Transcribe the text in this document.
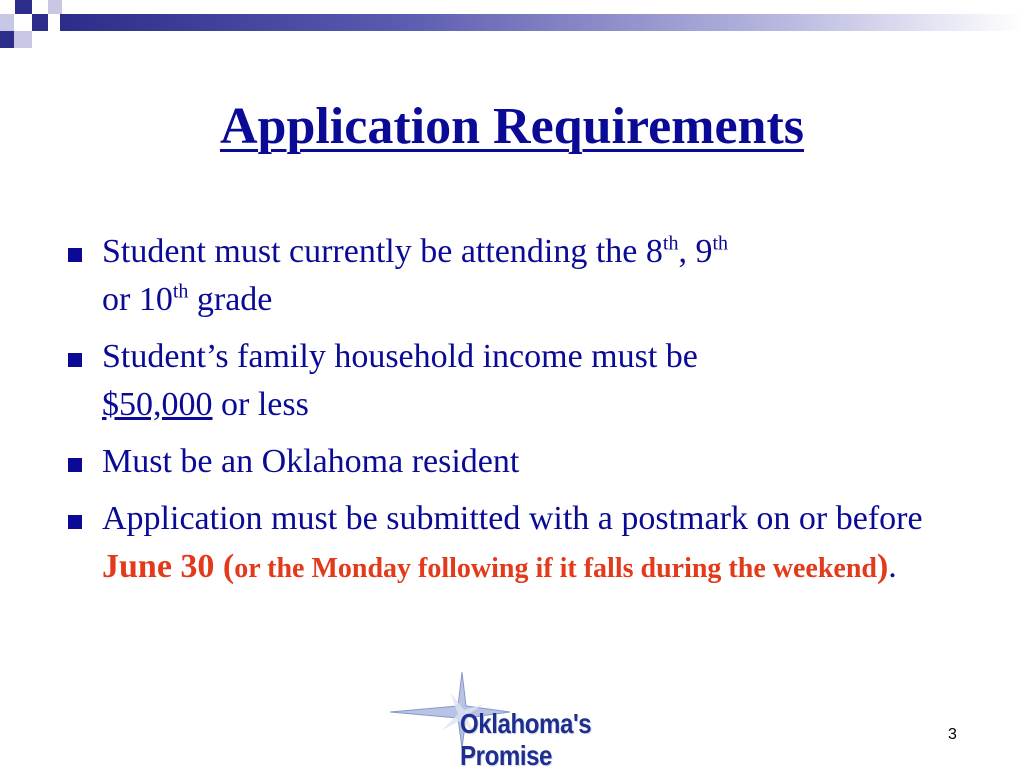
Application Requirements
Student must currently be attending the 8th, 9th
or 10th grade
Student’s family household income must be
$50,000 or less
Must be an Oklahoma resident
Application must be submitted with a postmark on or before June 30 (or the Monday following if it falls during the weekend).
Oklahoma's Promise
3
